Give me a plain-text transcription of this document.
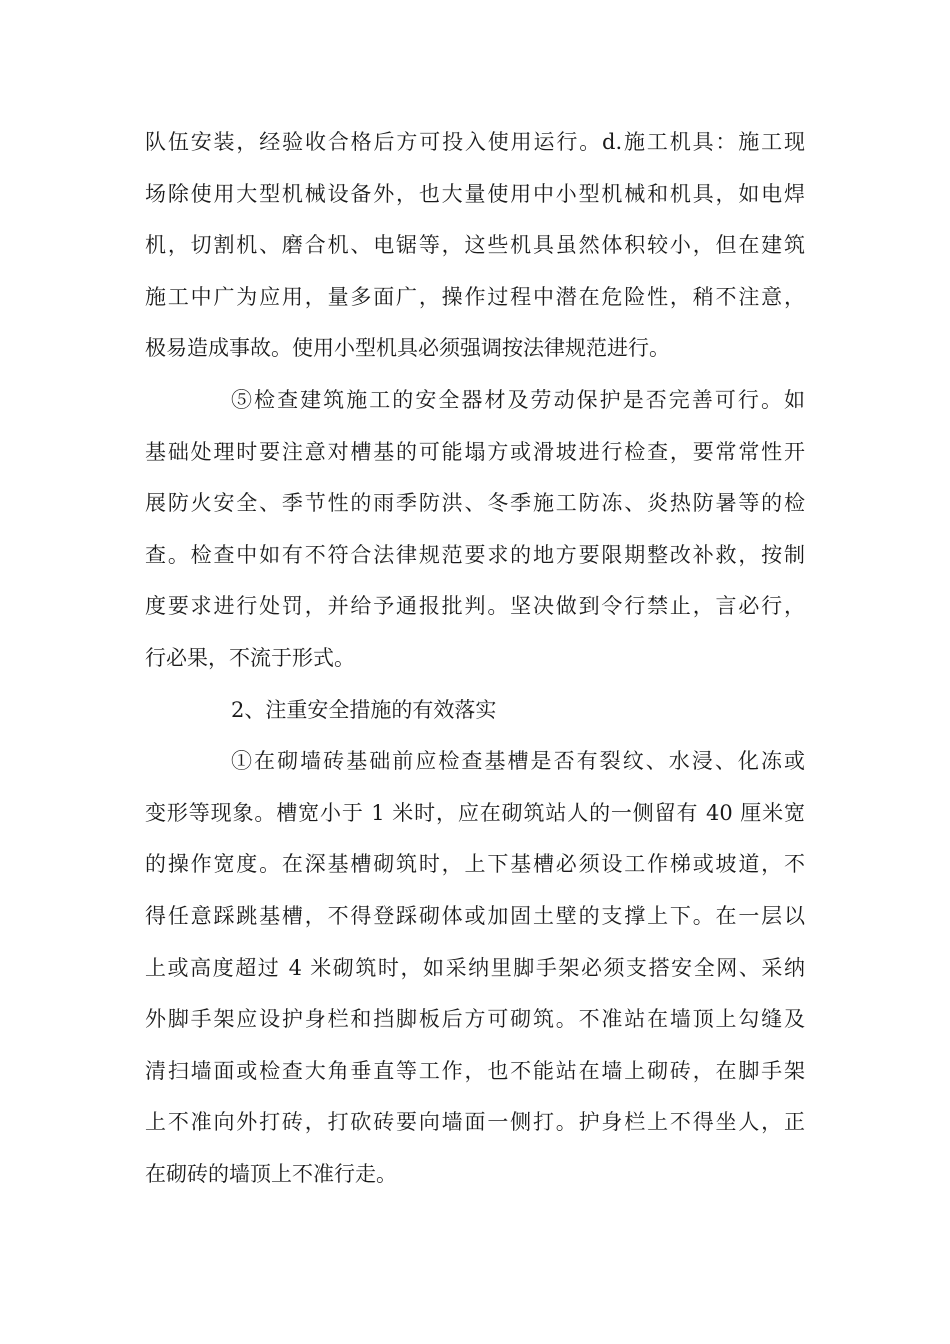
队伍安装，经验收合格后方可投入使用运行。d.施工机具：施工现
场除使用大型机械设备外，也大量使用中小型机械和机具，如电焊
机，切割机、磨合机、电锯等，这些机具虽然体积较小，但在建筑
施工中广为应用，量多面广，操作过程中潜在危险性，稍不注意，
极易造成事故。使用小型机具必须强调按法律规范进行。
⑤检查建筑施工的安全器材及劳动保护是否完善可行。如
基础处理时要注意对槽基的可能塌方或滑坡进行检查，要常常性开
展防火安全、季节性的雨季防洪、冬季施工防冻、炎热防暑等的检
查。检查中如有不符合法律规范要求的地方要限期整改补救，按制
度要求进行处罚，并给予通报批判。坚决做到令行禁止，言必行，
行必果，不流于形式。
2、注重安全措施的有效落实
①在砌墙砖基础前应检查基槽是否有裂纹、水浸、化冻或
变形等现象。槽宽小于 1 米时，应在砌筑站人的一侧留有 40 厘米宽
的操作宽度。在深基槽砌筑时，上下基槽必须设工作梯或坡道，不
得任意踩跳基槽，不得登踩砌体或加固土壁的支撑上下。在一层以
上或高度超过 4 米砌筑时，如采纳里脚手架必须支搭安全网、采纳
外脚手架应设护身栏和挡脚板后方可砌筑。不准站在墙顶上勾缝及
清扫墙面或检查大角垂直等工作，也不能站在墙上砌砖，在脚手架
上不准向外打砖，打砍砖要向墙面一侧打。护身栏上不得坐人，正
在砌砖的墙顶上不准行走。
